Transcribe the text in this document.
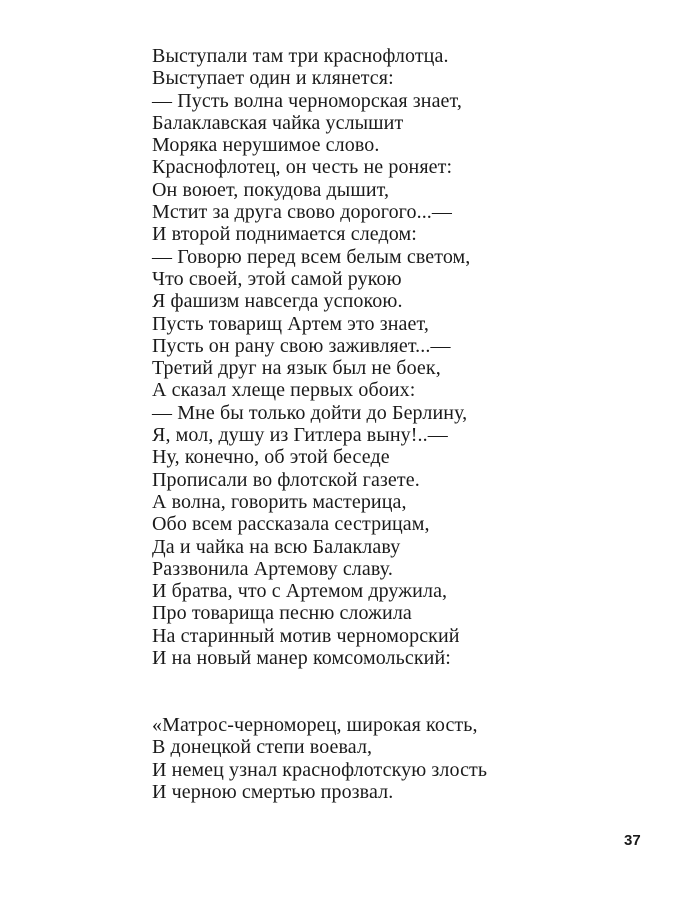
Выступали там три краснофлотца.
Выступает один и клянется:
— Пусть волна черноморская знает,
Балаклавская чайка услышит
Моряка нерушимое слово.
Краснофлотец, он честь не роняет:
Он воюет, покудова дышит,
Мстит за друга свово дорогого...—
И второй поднимается следом:
— Говорю перед всем белым светом,
Что своей, этой самой рукою
Я фашизм навсегда успокою.
Пусть товарищ Артем это знает,
Пусть он рану свою заживляет...—
Третий друг на язык был не боек,
А сказал хлеще первых обоих:
— Мне бы только дойти до Берлину,
Я, мол, душу из Гитлера выну!..—
Ну, конечно, об этой беседе
Прописали во флотской газете.
А волна, говорить мастерица,
Обо всем рассказала сестрицам,
Да и чайка на всю Балаклаву
Раззвонила Артемову славу.
И братва, что с Артемом дружила,
Про товарища песню сложила
На старинный мотив черноморский
И на новый манер комсомольский:
«Матрос-черноморец, широкая кость,
В донецкой степи воевал,
И немец узнал краснофлотскую злость
И черною смертью прозвал.
37
